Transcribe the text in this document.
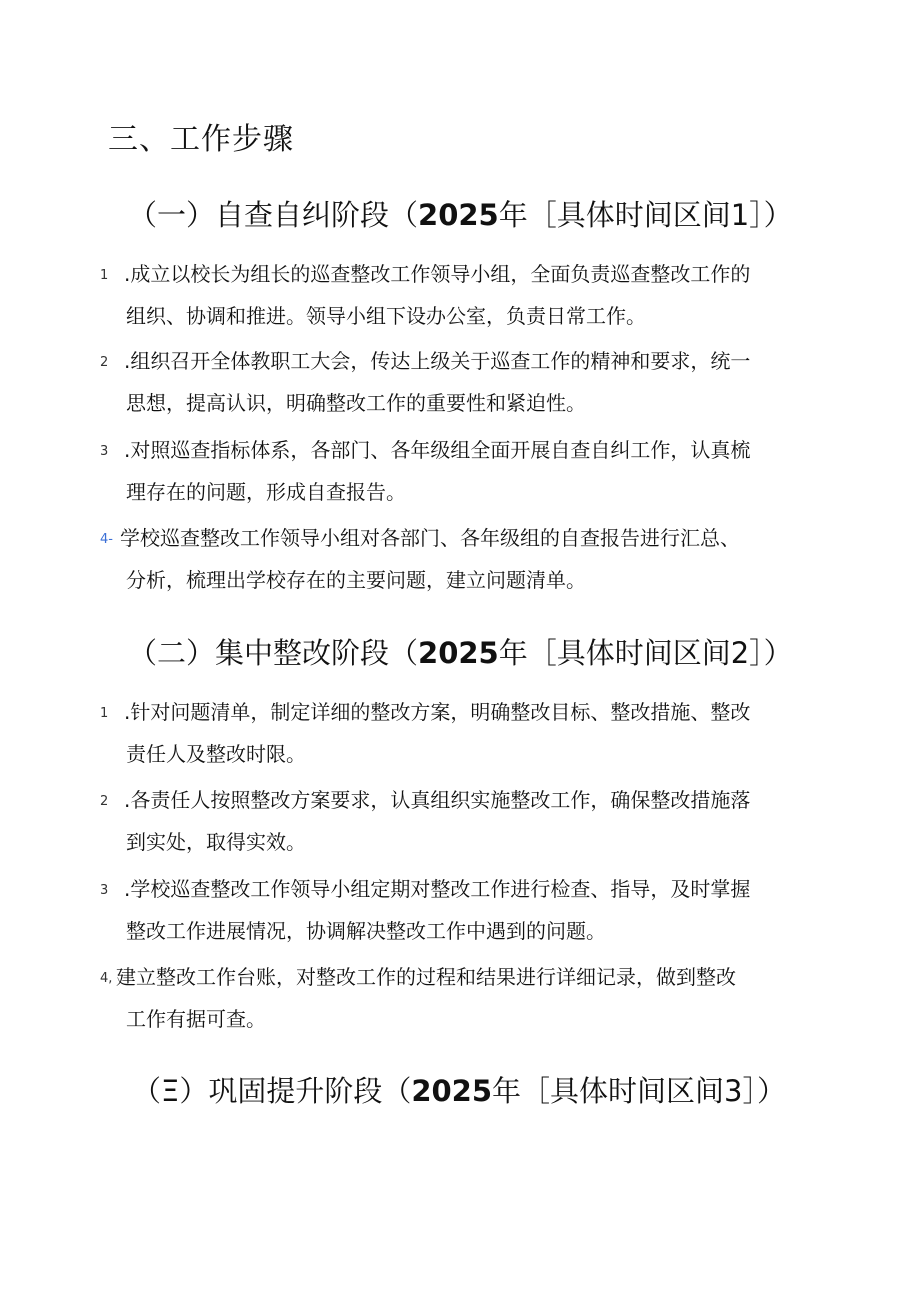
三、工作步骤
（一）自查自纠阶段（2025年［具体时间区间1］）

1 .成立以校长为组长的巡查整改工作领导小组，全面负责巡查整改工作的
组织、协调和推进。领导小组下设办公室，负责日常工作。

2 .组织召开全体教职工大会，传达上级关于巡查工作的精神和要求，统一
思想，提高认识，明确整改工作的重要性和紧迫性。

3 .对照巡查指标体系，各部门、各年级组全面开展自查自纠工作，认真梳
理存在的问题，形成自查报告。

4- 学校巡查整改工作领导小组对各部门、各年级组的自查报告进行汇总、
分析，梳理出学校存在的主要问题，建立问题清单。

（二）集中整改阶段（2025年［具体时间区间2］）

1 .针对问题清单，制定详细的整改方案，明确整改目标、整改措施、整改
责任人及整改时限。

2 .各责任人按照整改方案要求，认真组织实施整改工作，确保整改措施落
到实处，取得实效。

3 .学校巡查整改工作领导小组定期对整改工作进行检查、指导，及时掌握
整改工作进展情况，协调解决整改工作中遇到的问题。

4, 建立整改工作台账，对整改工作的过程和结果进行详细记录，做到整改
工作有据可查。

（Ξ）巩固提升阶段（2025年［具体时间区间3］）
